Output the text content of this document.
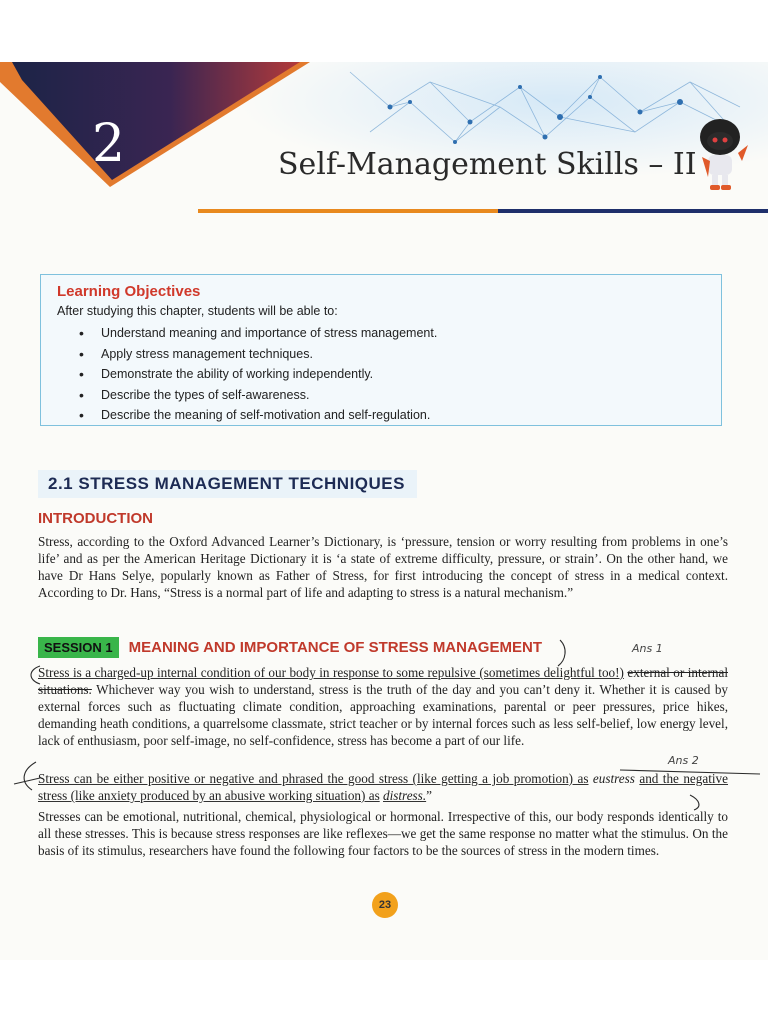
2	Self-Management Skills – II
Learning Objectives
After studying this chapter, students will be able to:
• Understand meaning and importance of stress management.
• Apply stress management techniques.
• Demonstrate the ability of working independently.
• Describe the types of self-awareness.
• Describe the meaning of self-motivation and self-regulation.
2.1 STRESS MANAGEMENT TECHNIQUES
INTRODUCTION

Stress, according to the Oxford Advanced Learner’s Dictionary, is ‘pressure, tension or worry resulting from problems in one’s life’ and as per the American Heritage Dictionary it is ‘a state of extreme difficulty, pressure, or strain’. On the other hand, we have Dr Hans Selye, popularly known as Father of Stress, for first introducing the concept of stress in a medical context. According to Dr. Hans, “Stress is a normal part of life and adapting to stress is a natural mechanism.”

SESSION 1 MEANING AND IMPORTANCE OF STRESS MANAGEMENT

Stress is a charged-up internal condition of our body in response to some repulsive (sometimes delightful too!) external or internal situations. Whichever way you wish to understand, stress is the truth of the day and you can’t deny it. Whether it is caused by external forces such as fluctuating climate condition, approaching examinations, parental or peer pressures, price hikes, demanding heath conditions, a quarrelsome classmate, strict teacher or by internal forces such as less self-belief, low energy level, lack of enthusiasm, poor self-image, no self-confidence, stress has become a part of our life.

Stress can be either positive or negative and phrased the good stress (like getting a job promotion) as eustress and the negative stress (like anxiety produced by an abusive working situation) as distress.”

Stresses can be emotional, nutritional, chemical, physiological or hormonal. Irrespective of this, our body responds identically to all these stresses. This is because stress responses are like reflexes—we get the same response no matter what the stimulus. On the basis of its stimulus, researchers have found the following four factors to be the sources of stress in the modern times.

Ans 1
Ans 2
23
